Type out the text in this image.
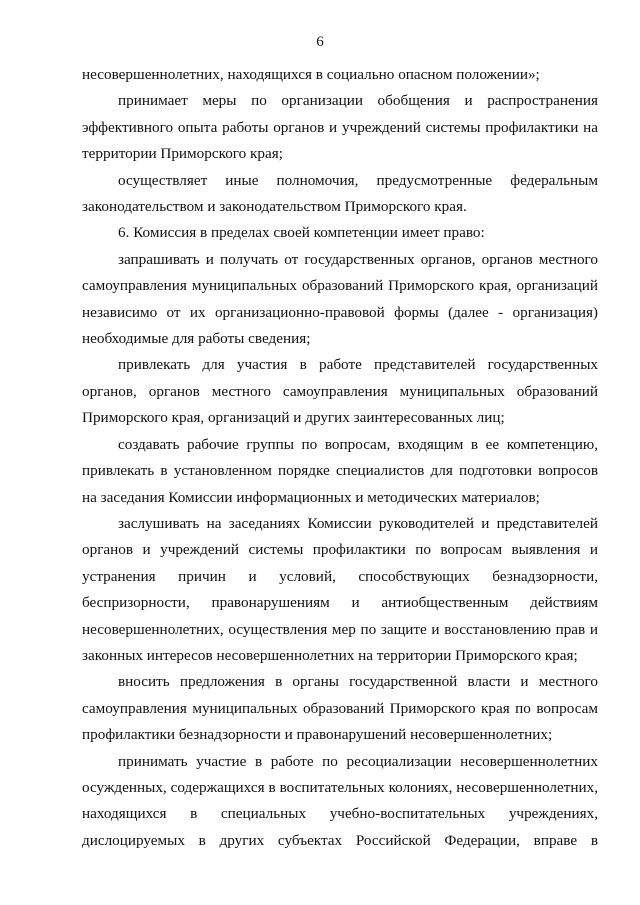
6

несовершеннолетних, находящихся в социально опасном положении»;

принимает меры по организации обобщения и распространения эффективного опыта работы органов и учреждений системы профилактики на территории Приморского края;

осуществляет иные полномочия, предусмотренные федеральным законодательством и законодательством Приморского края.

6. Комиссия в пределах своей компетенции имеет право:

запрашивать и получать от государственных органов, органов местного самоуправления муниципальных образований Приморского края, организаций независимо от их организационно-правовой формы (далее - организация) необходимые для работы сведения;

привлекать для участия в работе представителей государственных органов, органов местного самоуправления муниципальных образований Приморского края, организаций и других заинтересованных лиц;

создавать рабочие группы по вопросам, входящим в ее компетенцию, привлекать в установленном порядке специалистов для подготовки вопросов на заседания Комиссии информационных и методических материалов;

заслушивать на заседаниях Комиссии руководителей и представителей органов и учреждений системы профилактики по вопросам выявления и устранения причин и условий, способствующих безнадзорности, беспризорности, правонарушениям и антиобщественным действиям несовершеннолетних, осуществления мер по защите и восстановлению прав и законных интересов несовершеннолетних на территории Приморского края;

вносить предложения в органы государственной власти и местного самоуправления муниципальных образований Приморского края по вопросам профилактики безнадзорности и правонарушений несовершеннолетних;

принимать участие в работе по ресоциализации несовершеннолетних осужденных, содержащихся в воспитательных колониях, несовершеннолетних, находящихся в специальных учебно-воспитательных учреждениях, дислоцируемых в других субъектах Российской Федерации, вправе в
